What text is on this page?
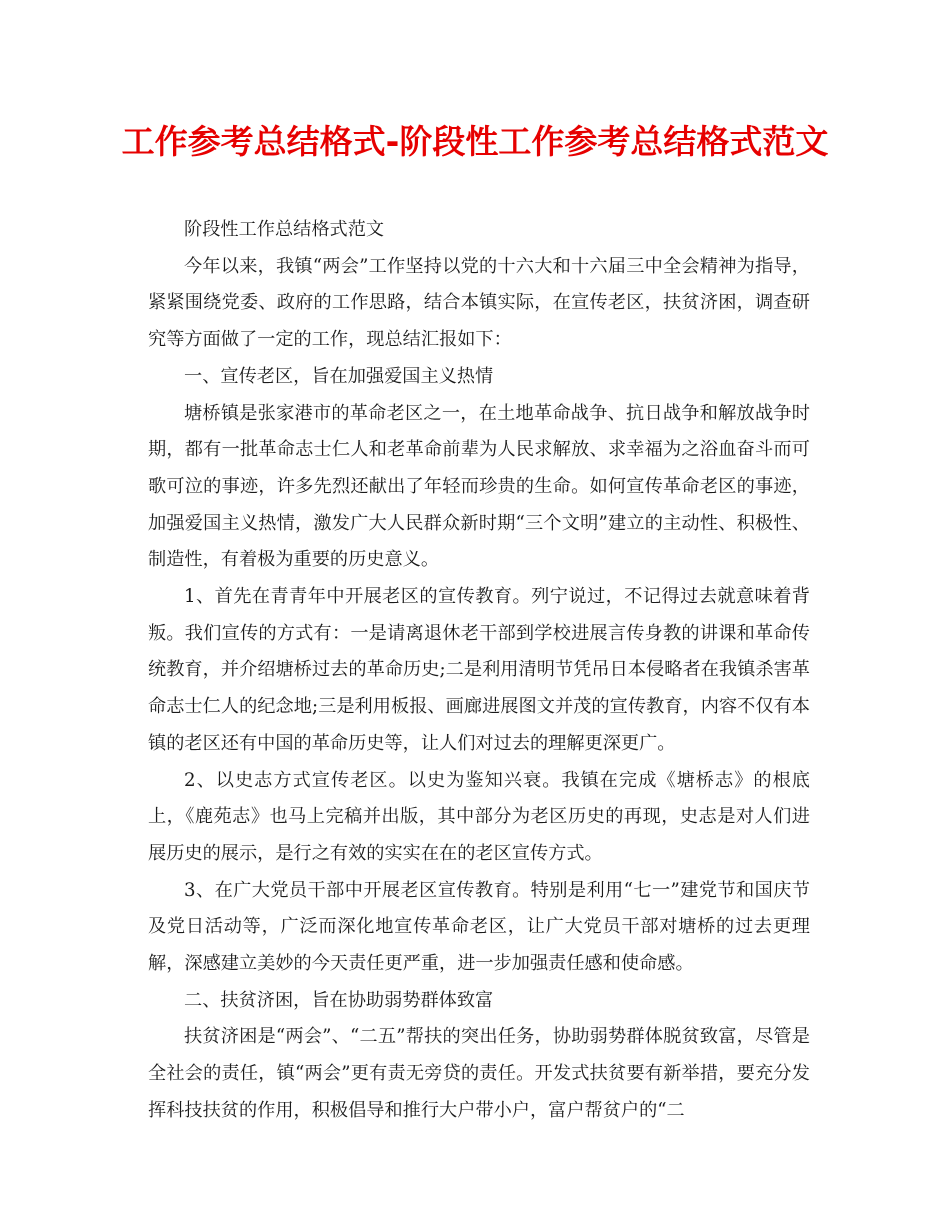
工作参考总结格式-阶段性工作参考总结格式范文

阶段性工作总结格式范文

今年以来，我镇“两会”工作坚持以党的十六大和十六届三中全会精神为指导，紧紧围绕党委、政府的工作思路，结合本镇实际，在宣传老区，扶贫济困，调查研究等方面做了一定的工作，现总结汇报如下：

一、宣传老区，旨在加强爱国主义热情

塘桥镇是张家港市的革命老区之一，在土地革命战争、抗日战争和解放战争时期，都有一批革命志士仁人和老革命前辈为人民求解放、求幸福为之浴血奋斗而可歌可泣的事迹，许多先烈还献出了年轻而珍贵的生命。如何宣传革命老区的事迹，加强爱国主义热情，激发广大人民群众新时期“三个文明”建立的主动性、积极性、制造性，有着极为重要的历史意义。

1、首先在青青年中开展老区的宣传教育。列宁说过，不记得过去就意味着背叛。我们宣传的方式有：一是请离退休老干部到学校进展言传身教的讲课和革命传统教育，并介绍塘桥过去的革命历史;二是利用清明节凭吊日本侵略者在我镇杀害革命志士仁人的纪念地;三是利用板报、画廊进展图文并茂的宣传教育，内容不仅有本镇的老区还有中国的革命历史等，让人们对过去的理解更深更广。

2、以史志方式宣传老区。以史为鉴知兴衰。我镇在完成《塘桥志》的根底上，《鹿苑志》也马上完稿并出版，其中部分为老区历史的再现，史志是对人们进展历史的展示，是行之有效的实实在在的老区宣传方式。

3、在广大党员干部中开展老区宣传教育。特别是利用“七一”建党节和国庆节及党日活动等，广泛而深化地宣传革命老区，让广大党员干部对塘桥的过去更理解，深感建立美妙的今天责任更严重，进一步加强责任感和使命感。

二、扶贫济困，旨在协助弱势群体致富

扶贫济困是“两会”、“二五”帮扶的突出任务，协助弱势群体脱贫致富，尽管是全社会的责任，镇“两会”更有责无旁贷的责任。开发式扶贫要有新举措，要充分发挥科技扶贫的作用，积极倡导和推行大户带小户，富户帮贫户的“二
